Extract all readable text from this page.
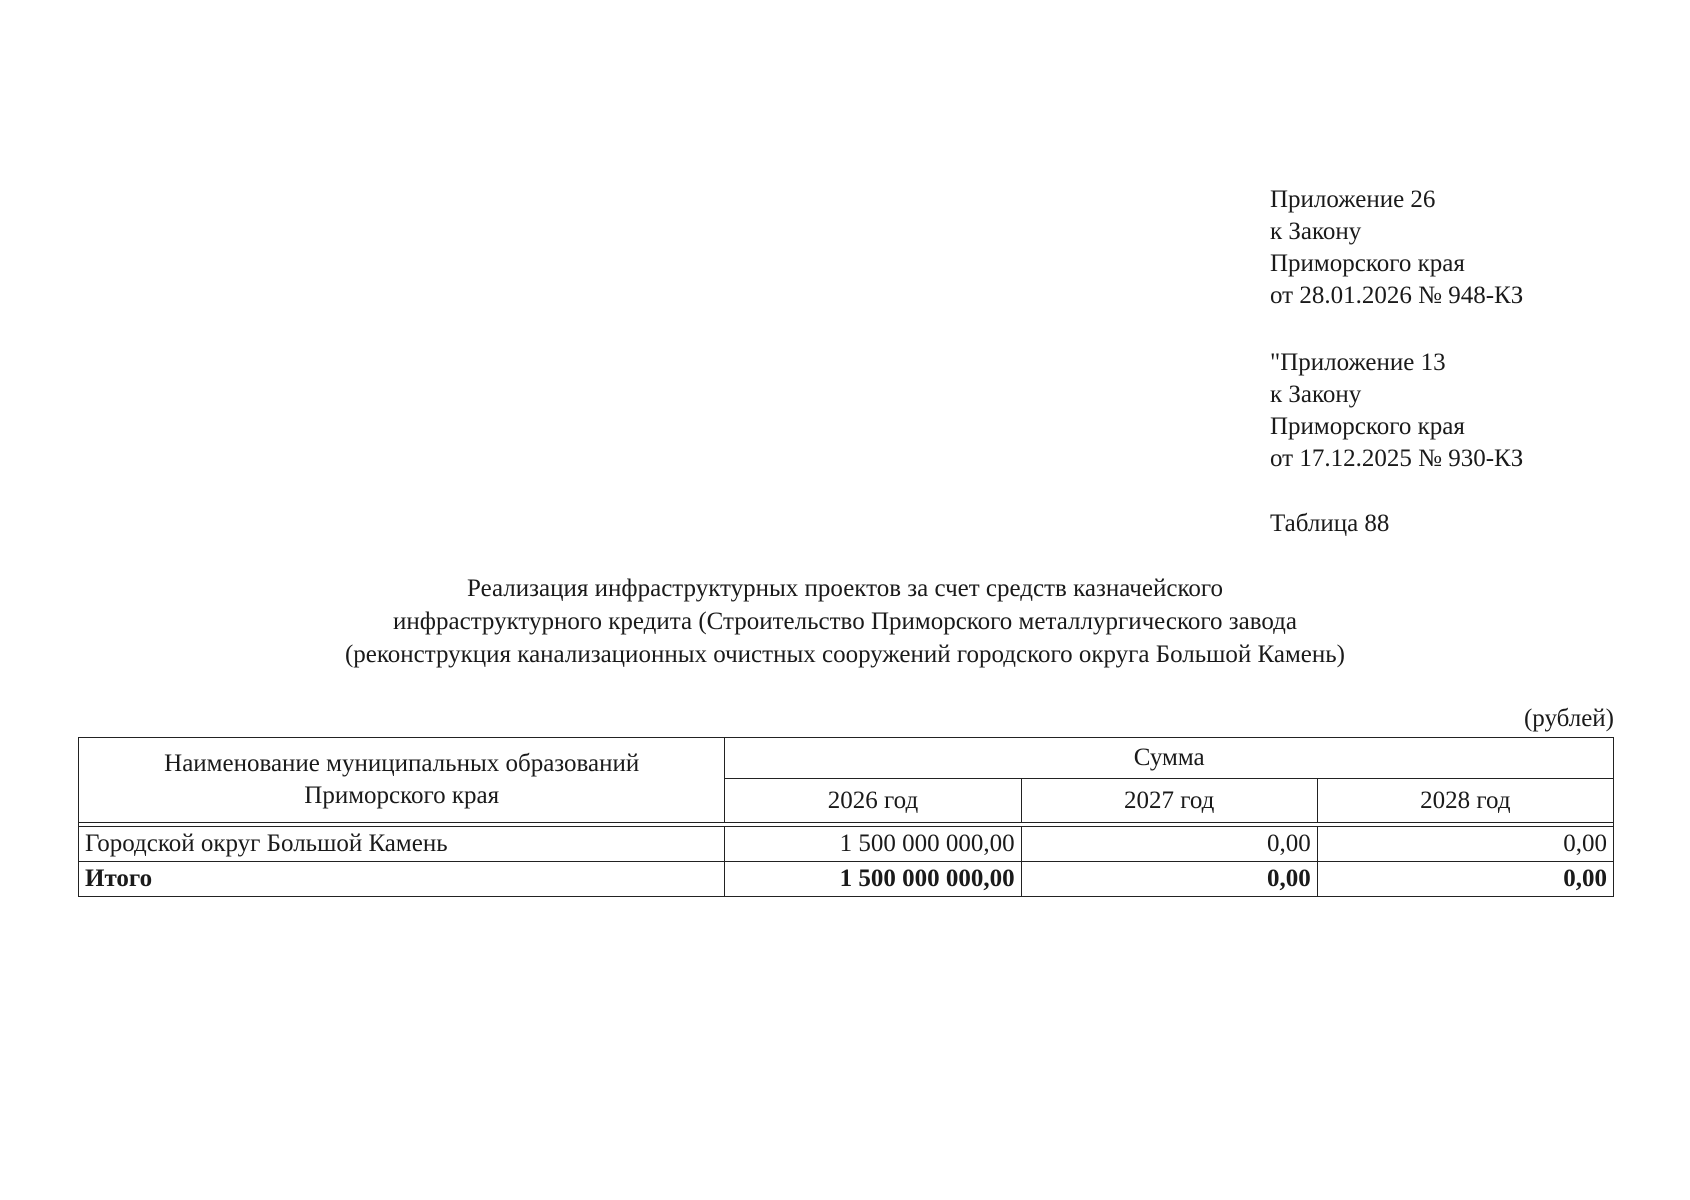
Приложение 26
к Закону
Приморского края
от 28.01.2026 № 948-КЗ
"Приложение 13
к Закону
Приморского края
от 17.12.2025 № 930-КЗ
Таблица 88
Реализация инфраструктурных проектов за счет средств казначейского
инфраструктурного кредита (Строительство Приморского металлургического завода
(реконструкция канализационных очистных сооружений городского округа Большой Камень)
(рублей)
Наименование муниципальных образований
Приморского края	Сумма		
	2026 год	2027 год	2028 год

Городской округ Большой Камень	1 500 000 000,00	0,00	0,00
Итого	1 500 000 000,00	0,00	0,00
